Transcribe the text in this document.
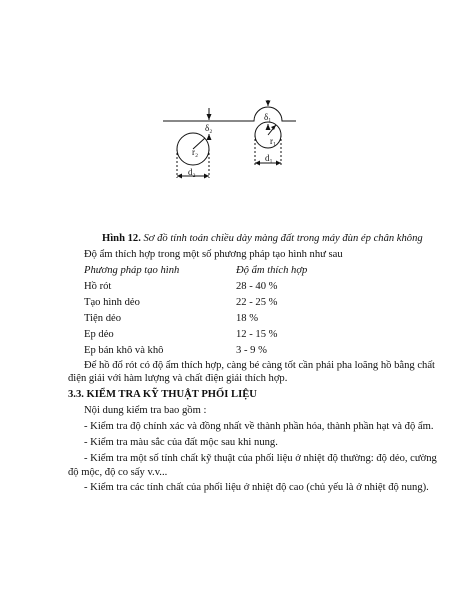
δ₂
r₂
d₂
δ₁
r₁
d₁
Hình 12. Sơ đồ tính toán chiều dày màng đất trong máy đùn ép chân không
Độ ẩm thích hợp trong một số phương pháp tạo hình như sau
Phương pháp tạo hình	Độ ẩm thích hợp
Hồ rót	28 - 40 %
Tạo hình dẻo	22 - 25 %
Tiện dẻo	18 %
Ep dẻo	12 - 15 %
Ep bán khô và khô	3 - 9 %
Để hồ đổ rót có độ ẩm thích hợp, càng bé càng tốt cần phải pha loãng hồ bằng chất
điện giải với hàm lượng và chất điện giải thích hợp.
3.3. KIỂM TRA KỸ THUẬT PHỐI LIỆU
Nội dung kiểm tra bao gồm :
- Kiểm tra độ chính xác và đồng nhất về thành phần hóa, thành phần hạt và độ ẩm.
- Kiểm tra màu sắc của đất mộc sau khi nung.
- Kiểm tra một số tính chất kỹ thuật của phối liệu ở nhiệt độ thường: độ dẻo, cường
độ mộc, độ co sấy v.v...
- Kiểm tra các tính chất của phối liệu ở nhiệt độ cao (chủ yếu là ở nhiệt độ nung).
